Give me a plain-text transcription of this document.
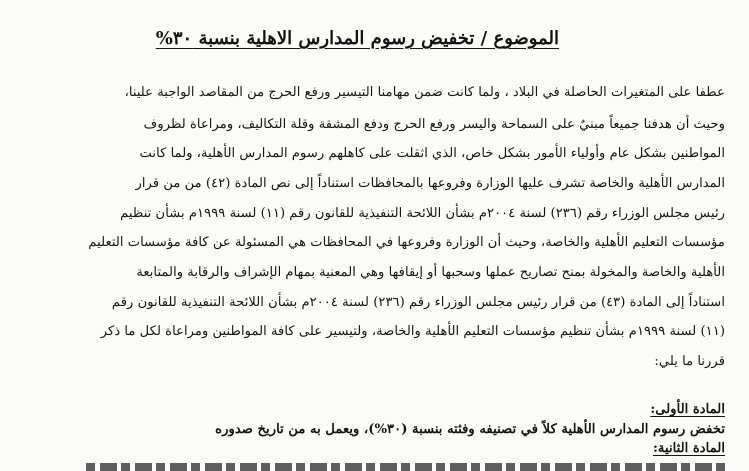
الموضوع / تخفيض رسوم المدارس الاهلية بنسبة ٣٠%
عطفا على المتغيرات الحاصلة في البلاد ، ولما كانت ضمن مهامنا التيسير ورفع الحرج من المقاصد الواجبة علينا،
وحيث أن هدفنا جميعاً مبنيٌ على السماحة واليسر ورفع الحرج ودفع المشقة وقلة التكاليف، ومراعاة لظروف
المواطنين بشكل عام وأولياء الأمور بشكل خاص، الذي اثقلت على كاهلهم رسوم المدارس الأهلية، ولما كانت
المدارس الأهلية والخاصة تشرف عليها الوزارة وفروعها بالمحافظات استناداً إلى نص المادة (٤٢) من من قرار
رئيس مجلس الوزراء رقم (٢٣٦) لسنة ٢٠٠٤م بشأن اللائحة التنفيذية للقانون رقم (١١) لسنة ١٩٩٩م بشأن تنظيم
مؤسسات التعليم الأهلية والخاصة، وحيث أن الوزارة وفروعها في المحافظات هي المسئولة عن كافة مؤسسات التعليم
الأهلية والخاصة والمخولة بمنح تصاريح عملها وسحبها أو إيقافها وهي المعنية بمهام الإشراف والرقابة والمتابعة
استناداً إلى المادة (٤٣) من قرار رئيس مجلس الوزراء رقم (٢٣٦) لسنة ٢٠٠٤م بشأن اللائحة التنفيذية للقانون رقم
(١١) لسنة ١٩٩٩م بشأن تنظيم مؤسسات التعليم الأهلية والخاصة، ولتيسير على كافة المواطنين ومراعاة لكل ما ذكر
قررنا ما يلي:
المادة الأولى:
تخفض رسوم المدارس الأهلية كلاً في تصنيفه وفئته بنسبة (٣٠%)، ويعمل به من تاريخ صدوره
المادة الثانية:
